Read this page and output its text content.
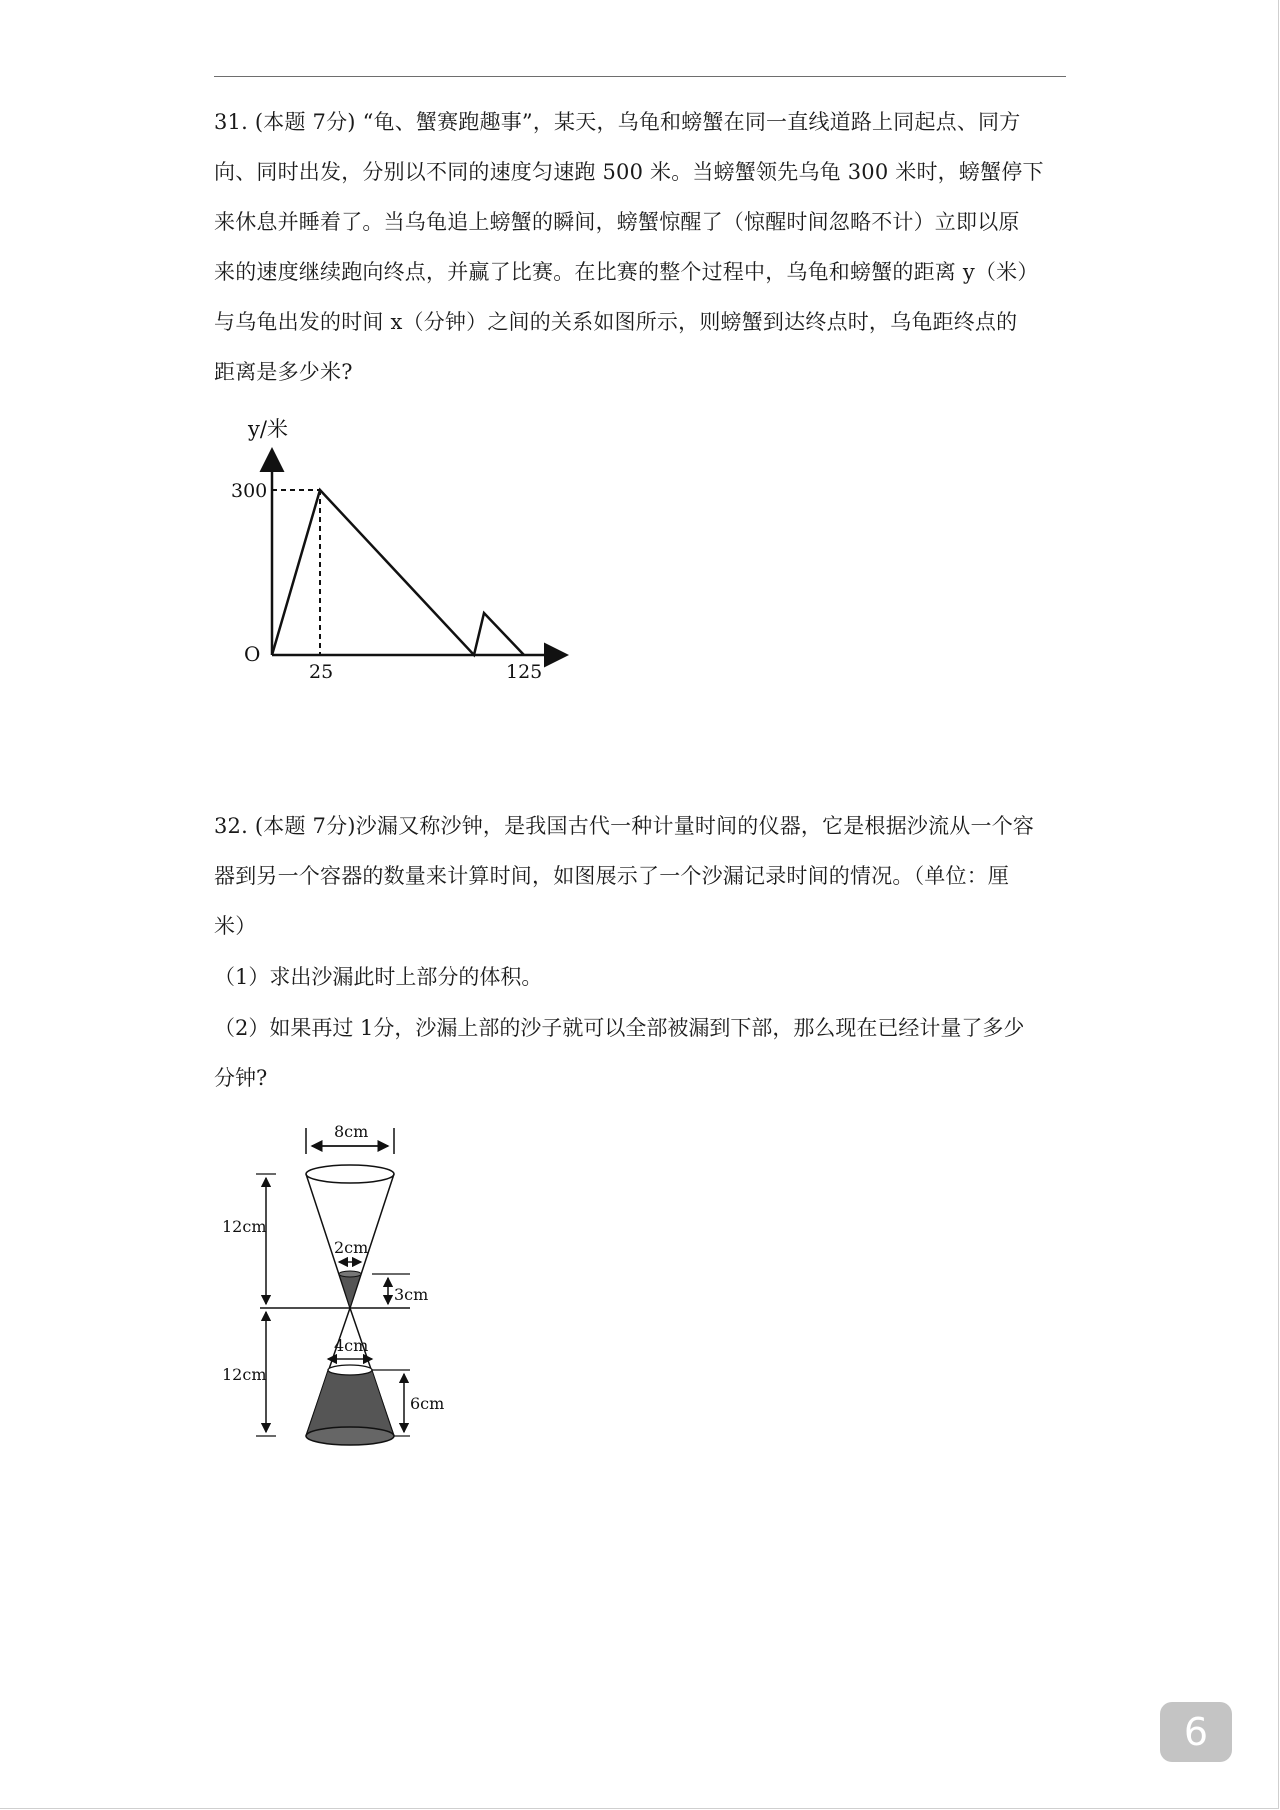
31. (本题 7分) “龟、蟹赛跑趣事”，某天，乌龟和螃蟹在同一直线道路上同起点、同方
向、同时出发，分别以不同的速度匀速跑 500 米。当螃蟹领先乌龟 300 米时，螃蟹停下
来休息并睡着了。当乌龟追上螃蟹的瞬间，螃蟹惊醒了（惊醒时间忽略不计）立即以原
来的速度继续跑向终点，并赢了比赛。在比赛的整个过程中，乌龟和螃蟹的距离 y（米）
与乌龟出发的时间 x（分钟）之间的关系如图所示，则螃蟹到达终点时，乌龟距终点的
距离是多少米?
y/米
300
O
25	125
32. (本题 7分)沙漏又称沙钟，是我国古代一种计量时间的仪器，它是根据沙流从一个容
器到另一个容器的数量来计算时间，如图展示了一个沙漏记录时间的情况。（单位：厘
米）
（1）求出沙漏此时上部分的体积。
（2）如果再过 1分，沙漏上部的沙子就可以全部被漏到下部，那么现在已经计量了多少
分钟?
8cm
2cm
3cm
4cm
6cm
12cm
12cm
6
